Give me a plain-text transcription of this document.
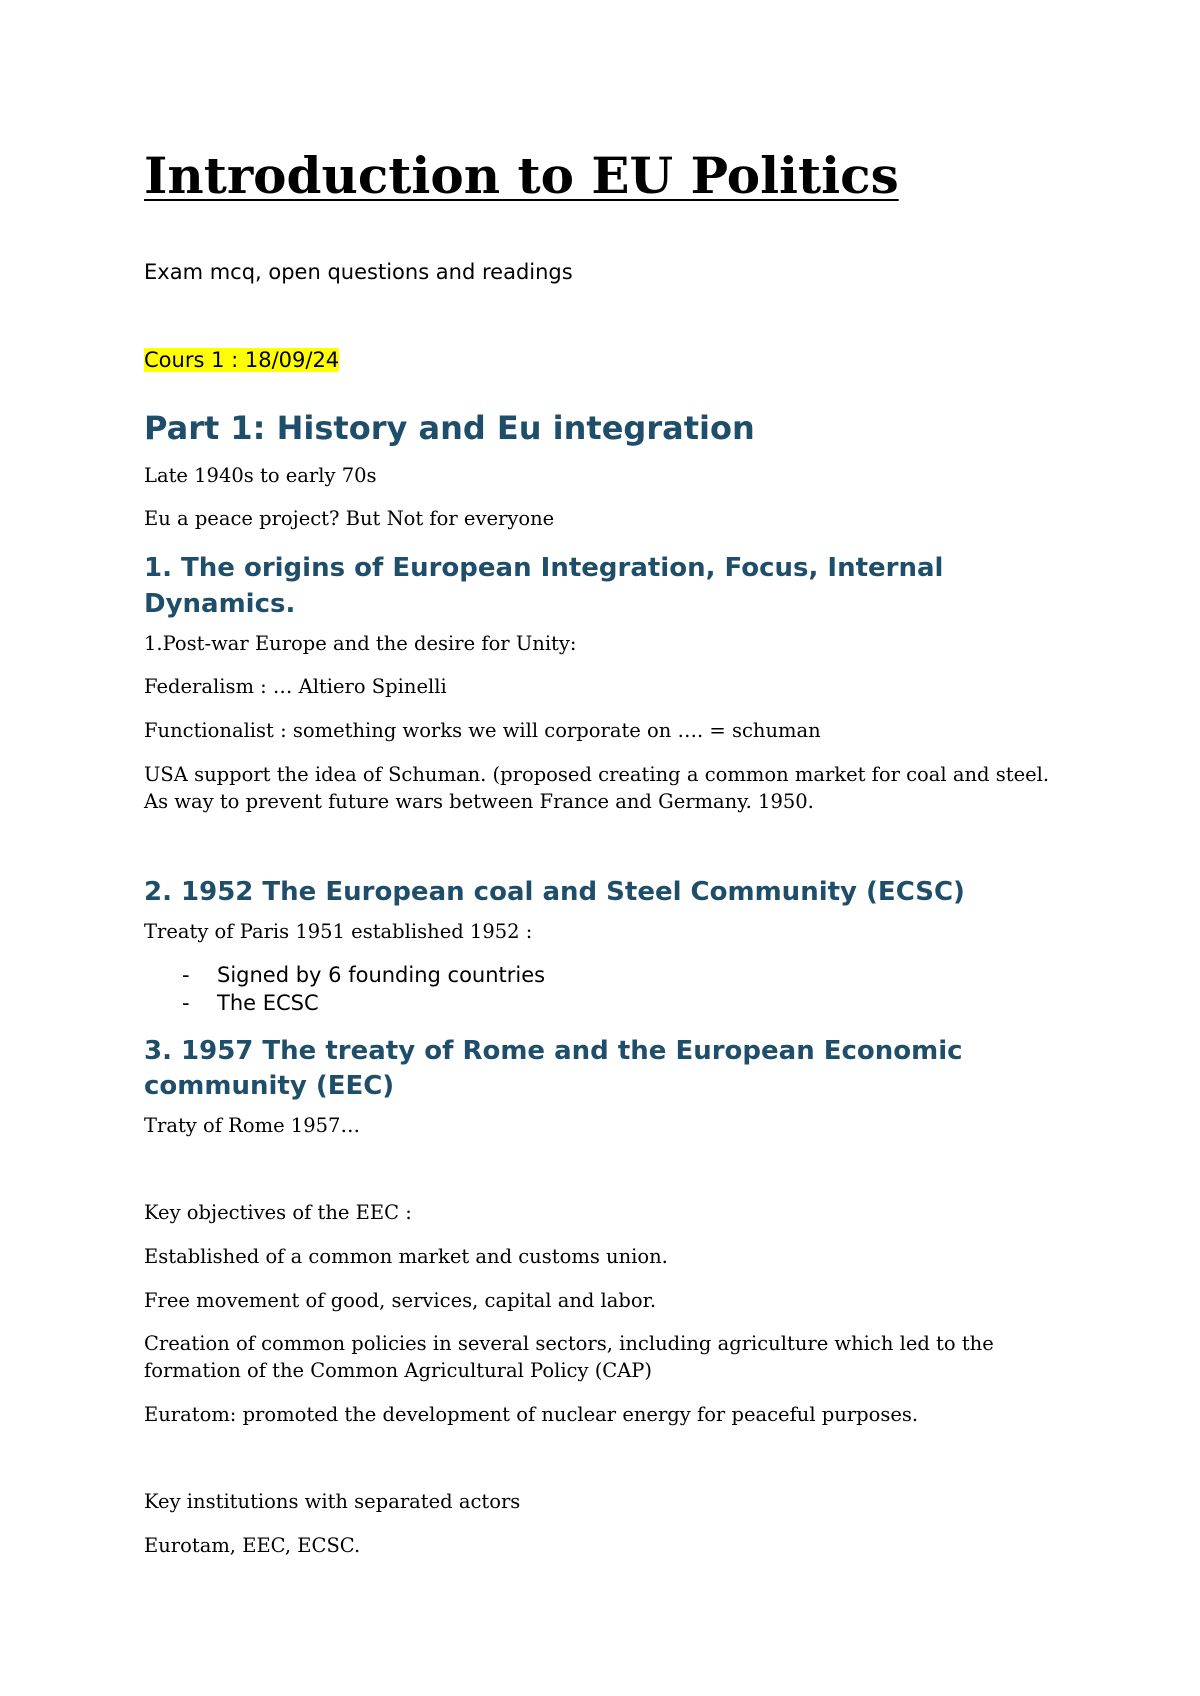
Introduction to EU Politics

Exam mcq, open questions and readings

Cours 1 : 18/09/24

Part 1: History and Eu integration

Late 1940s to early 70s

Eu a peace project? But Not for everyone

1. The origins of European Integration, Focus, Internal
Dynamics.

1.Post-war Europe and the desire for Unity:

Federalism : … Altiero Spinelli

Functionalist : something works we will corporate on …. = schuman

USA support the idea of Schuman. (proposed creating a common market for coal and steel.

As way to prevent future wars between France and Germany. 1950.

2. 1952 The European coal and Steel Community (ECSC)

Treaty of Paris 1951 established 1952 :

- Signed by 6 founding countries
- The ECSC
3. 1957 The treaty of Rome and the European Economic
community (EEC)

Traty of Rome 1957…

Key objectives of the EEC :

Established of a common market and customs union.

Free movement of good, services, capital and labor.

Creation of common policies in several sectors, including agriculture which led to the

formation of the Common Agricultural Policy (CAP)

Euratom: promoted the development of nuclear energy for peaceful purposes.

Key institutions with separated actors

Eurotam, EEC, ECSC.
